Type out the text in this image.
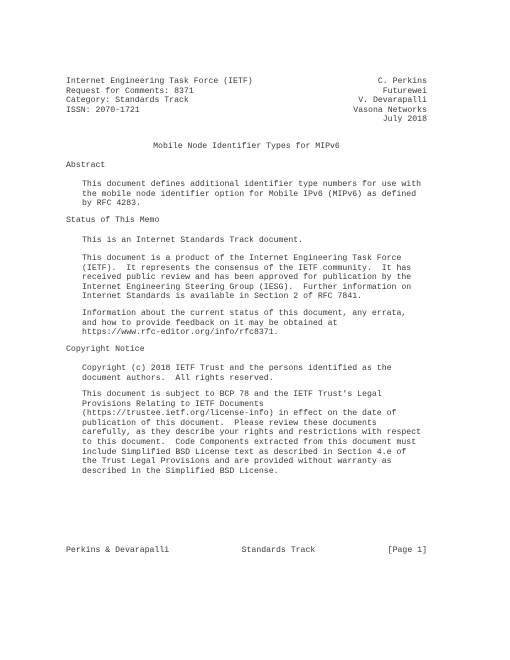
Internet Engineering Task Force (IETF)	C. Perkins
Request for Comments: 8371	Futurewei
Category: Standards Track	V. Devarapalli
ISSN: 2070-1721	Vasona Networks
July 2018
Mobile Node Identifier Types for MIPv6
Abstract
This document defines additional identifier type numbers for use with
the mobile node identifier option for Mobile IPv6 (MIPv6) as defined
by RFC 4283.
Status of This Memo
This is an Internet Standards Track document.
This document is a product of the Internet Engineering Task Force
(IETF).  It represents the consensus of the IETF community.  It has
received public review and has been approved for publication by the
Internet Engineering Steering Group (IESG).  Further information on
Internet Standards is available in Section 2 of RFC 7841.
Information about the current status of this document, any errata,
and how to provide feedback on it may be obtained at
https://www.rfc-editor.org/info/rfc8371.
Copyright Notice
Copyright (c) 2018 IETF Trust and the persons identified as the
document authors.  All rights reserved.
This document is subject to BCP 78 and the IETF Trust's Legal
Provisions Relating to IETF Documents
(https://trustee.ietf.org/license-info) in effect on the date of
publication of this document.  Please review these documents
carefully, as they describe your rights and restrictions with respect
to this document.  Code Components extracted from this document must
include Simplified BSD License text as described in Section 4.e of
the Trust Legal Provisions and are provided without warranty as
described in the Simplified BSD License.
Perkins & Devarapalli	Standards Track	[Page 1]
